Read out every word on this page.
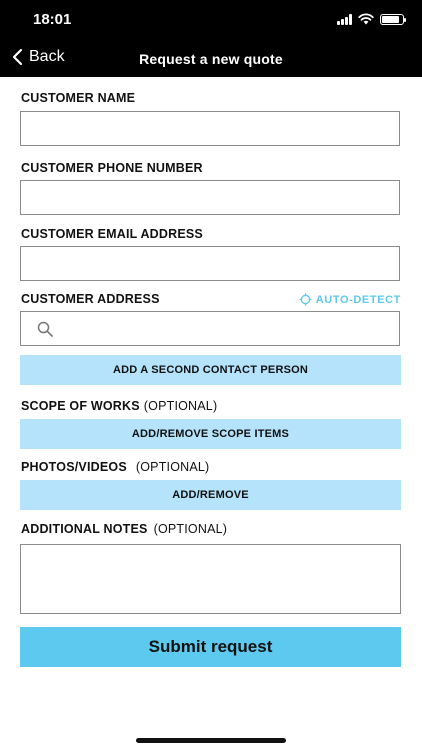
18:01
Back	Request a new quote
CUSTOMER NAME
CUSTOMER PHONE NUMBER
CUSTOMER EMAIL ADDRESS
CUSTOMER ADDRESS	AUTO-DETECT
ADD A SECOND CONTACT PERSON
SCOPE OF WORKS (OPTIONAL)
ADD/REMOVE SCOPE ITEMS
PHOTOS/VIDEOS (OPTIONAL)
ADD/REMOVE
ADDITIONAL NOTES (OPTIONAL)
Submit request
